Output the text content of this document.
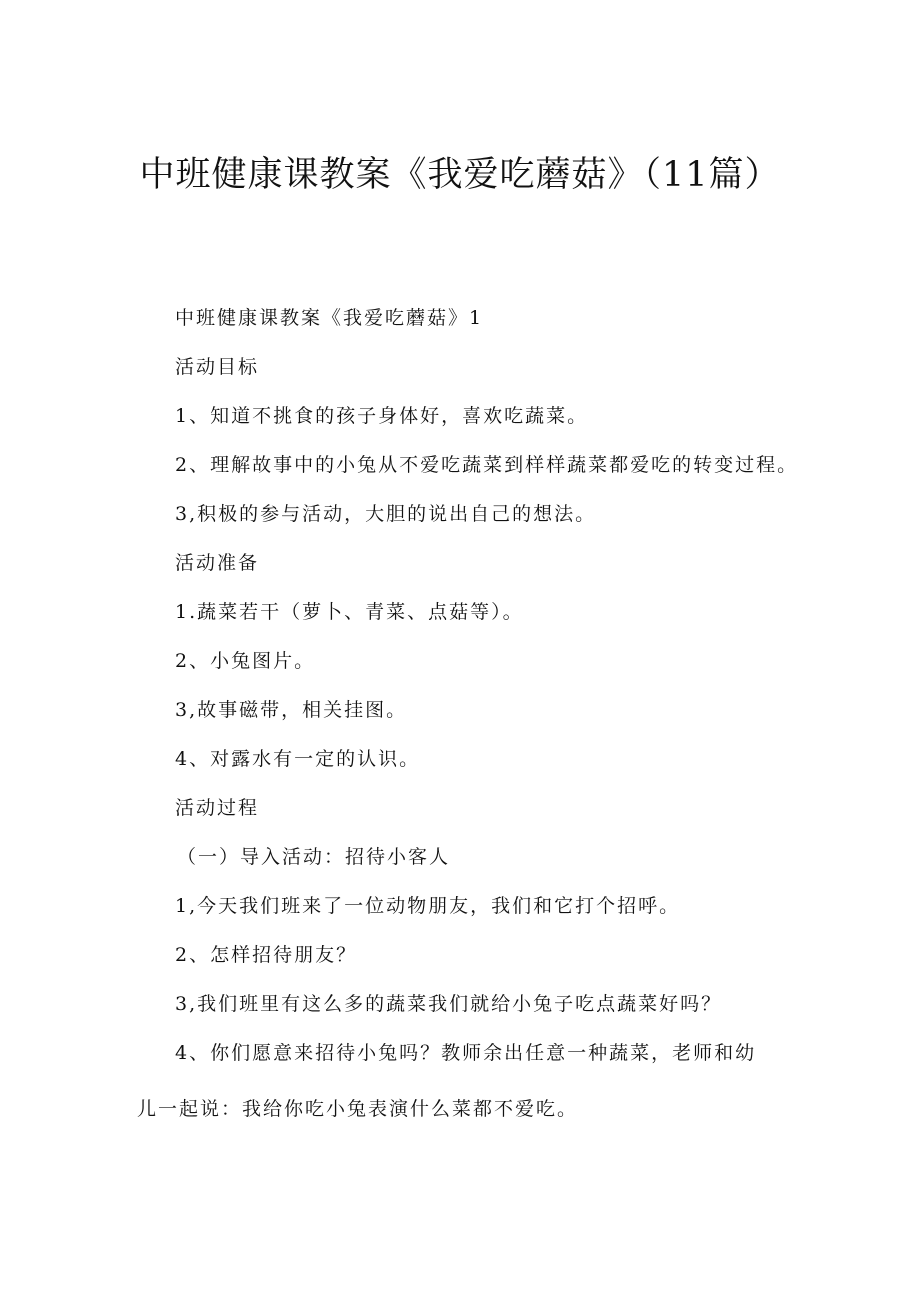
中班健康课教案《我爱吃蘑菇》（11篇）

中班健康课教案《我爱吃蘑菇》1

活动目标

1、知道不挑食的孩子身体好，喜欢吃蔬菜。

2、理解故事中的小兔从不爱吃蔬菜到样样蔬菜都爱吃的转变过程。

3,积极的参与活动，大胆的说出自己的想法。

活动准备

1.蔬菜若干（萝卜、青菜、点菇等）。

2、小兔图片。

3,故事磁带，相关挂图。

4、对露水有一定的认识。

活动过程

（一）导入活动：招待小客人

1,今天我们班来了一位动物朋友，我们和它打个招呼。

2、怎样招待朋友？

3,我们班里有这么多的蔬菜我们就给小兔子吃点蔬菜好吗？

4、你们愿意来招待小兔吗？教师余出任意一种蔬菜，老师和幼

儿一起说：我给你吃小兔表演什么菜都不爱吃。
